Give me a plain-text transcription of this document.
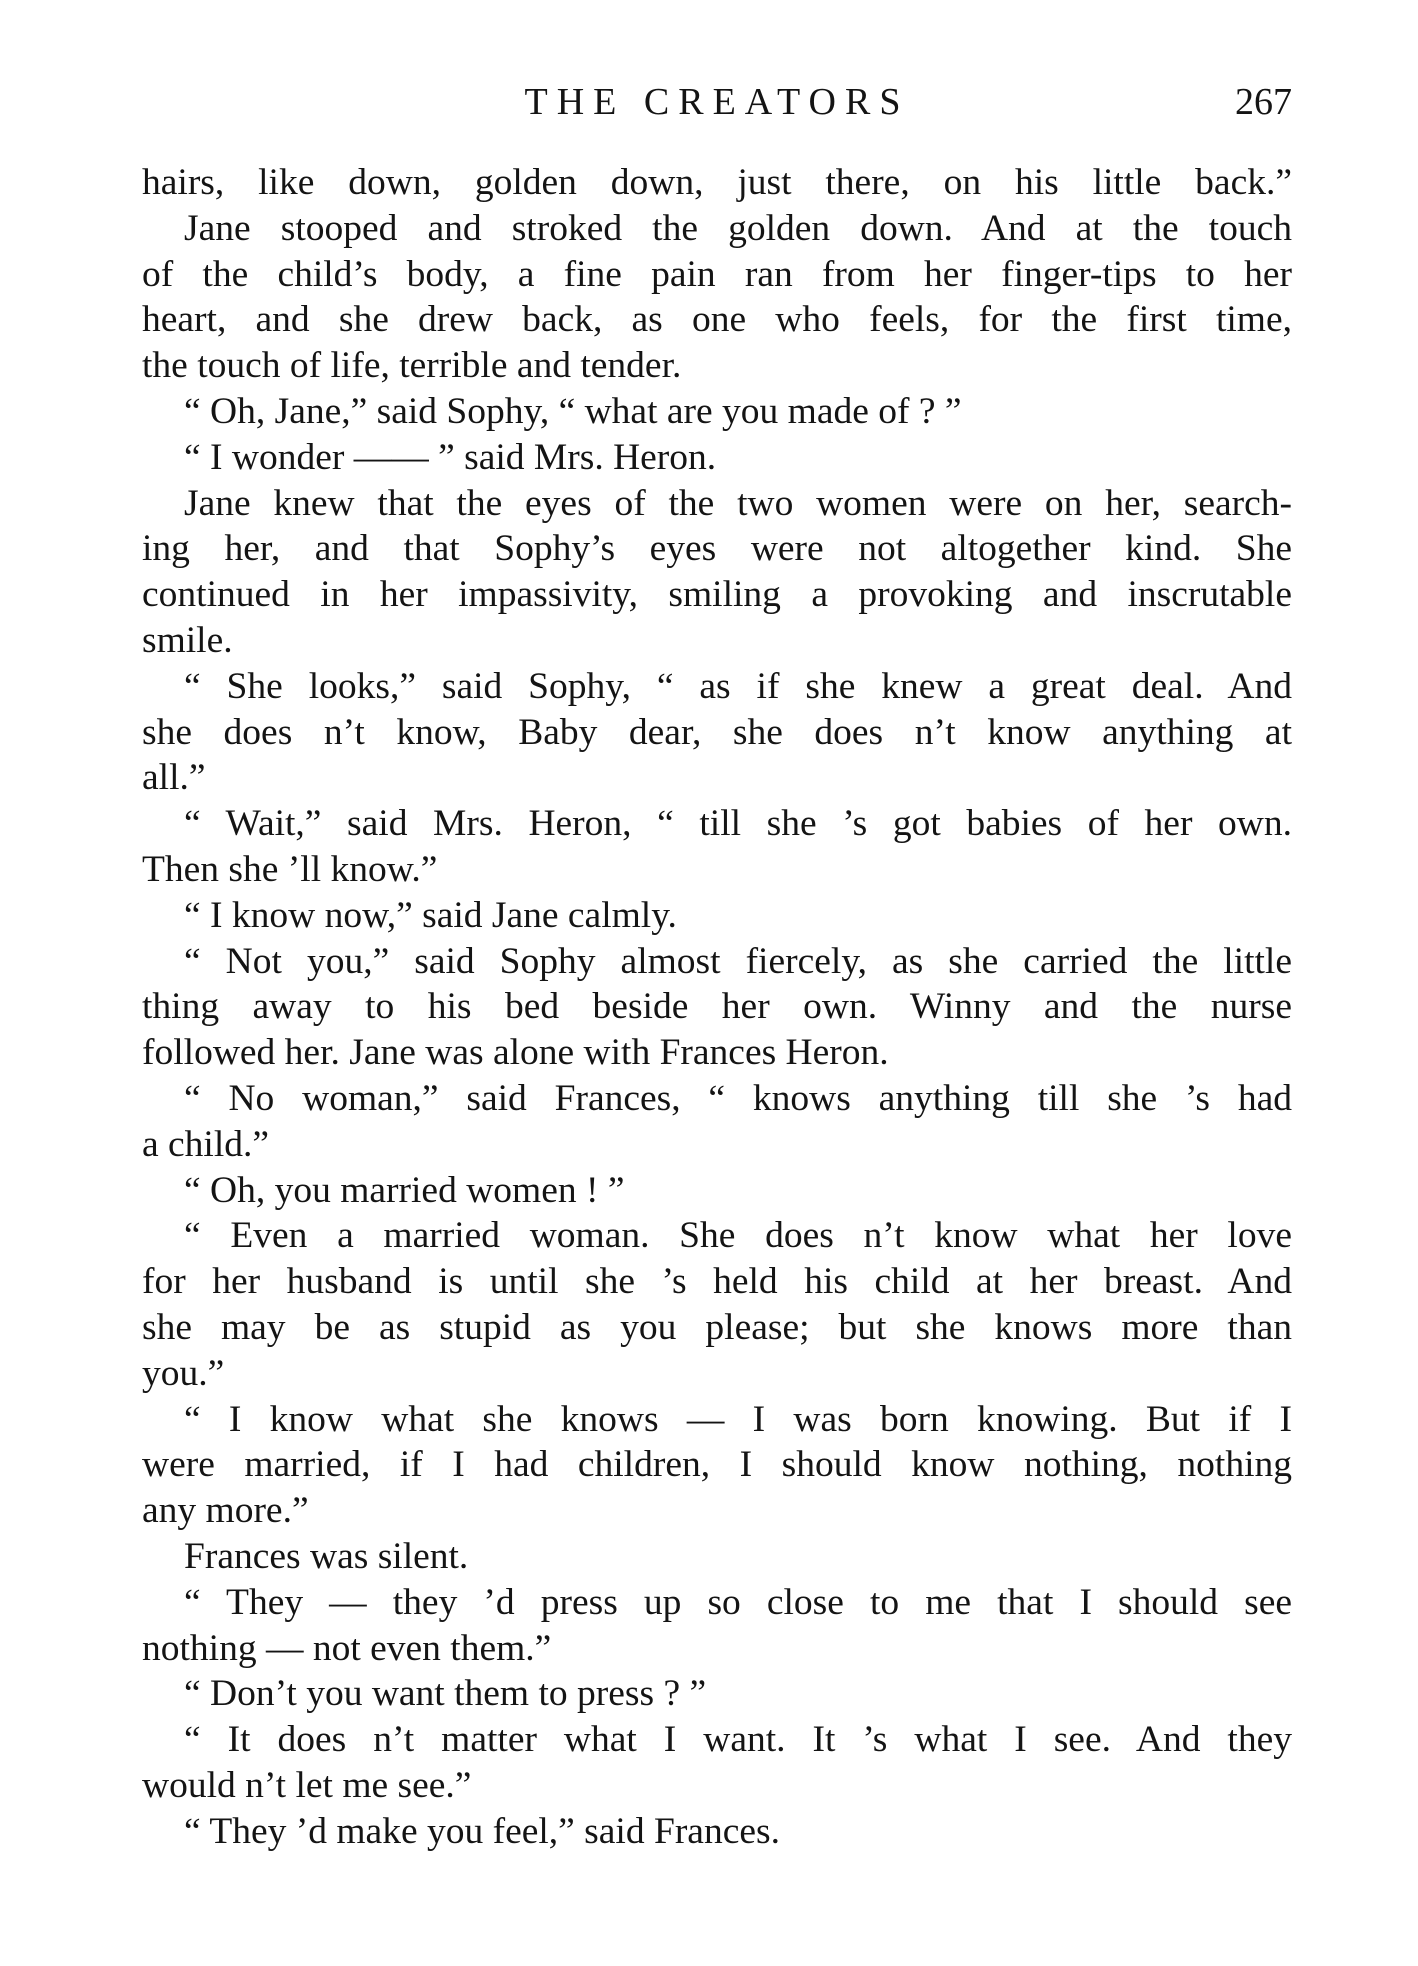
THE CREATORS	267
hairs, like down, golden down, just there, on his little back.”
Jane stooped and stroked the golden down. And at the touch
of the child’s body, a fine pain ran from her finger-tips to her
heart, and she drew back, as one who feels, for the first time,
the touch of life, terrible and tender.
“ Oh, Jane,” said Sophy, “ what are you made of ? ”
“ I wonder —— ” said Mrs. Heron.
Jane knew that the eyes of the two women were on her, search-
ing her, and that Sophy’s eyes were not altogether kind. She
continued in her impassivity, smiling a provoking and inscrutable
smile.
“ She looks,” said Sophy, “ as if she knew a great deal. And
she does n’t know, Baby dear, she does n’t know anything at
all.”
“ Wait,” said Mrs. Heron, “ till she ’s got babies of her own.
Then she ’ll know.”
“ I know now,” said Jane calmly.
“ Not you,” said Sophy almost fiercely, as she carried the little
thing away to his bed beside her own. Winny and the nurse
followed her. Jane was alone with Frances Heron.
“ No woman,” said Frances, “ knows anything till she ’s had
a child.”
“ Oh, you married women ! ”
“ Even a married woman. She does n’t know what her love
for her husband is until she ’s held his child at her breast. And
she may be as stupid as you please; but she knows more than
you.”
“ I know what she knows — I was born knowing. But if I
were married, if I had children, I should know nothing, nothing
any more.”
Frances was silent.
“ They — they ’d press up so close to me that I should see
nothing — not even them.”
“ Don’t you want them to press ? ”
“ It does n’t matter what I want. It ’s what I see. And they
would n’t let me see.”
“ They ’d make you feel,” said Frances.
